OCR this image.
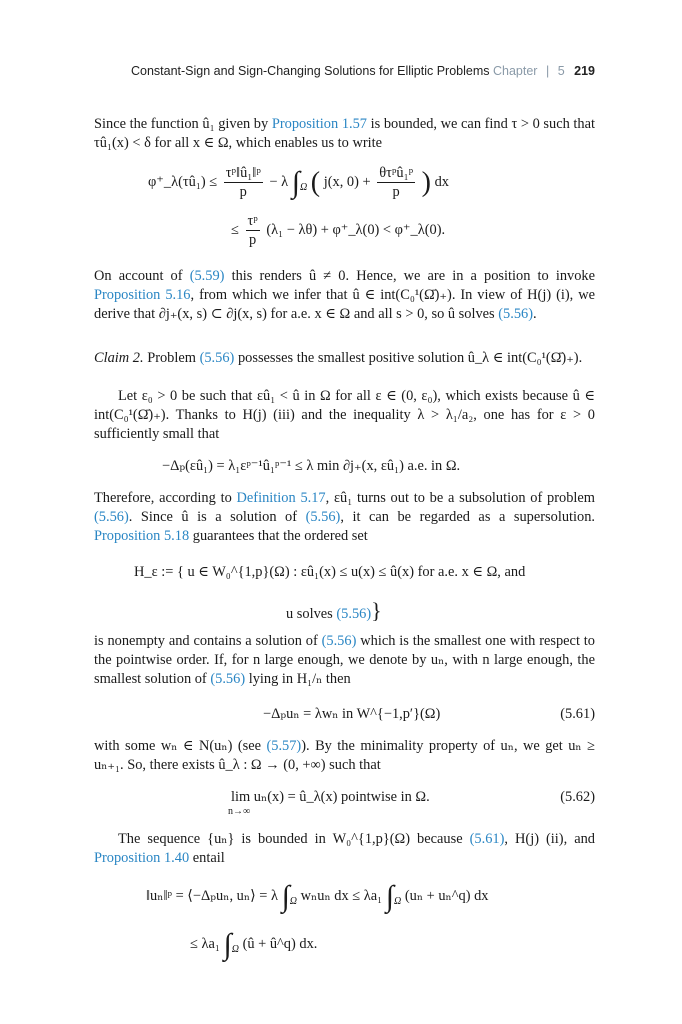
Constant-Sign and Sign-Changing Solutions for Elliptic Problems Chapter | 5 219

Since the function û₁ given by Proposition 1.57 is bounded, we can find τ > 0 such that τû₁(x) < δ for all x ∈ Ω, which enables us to write

φ⁺_λ(τû₁) ≤ $\frac{\text{τᵖ‖û₁‖ᵖ}}{p} - \lambda$ $\int_\Omega$ ( j(x, $0) + \frac{\text{θτᵖû₁ᵖ}}{p}$ ) dx
≤ $\frac{\text{τᵖ}}{p} (\lambda_1 - \lambda\theta)$ + φ⁺_λ(0) < φ⁺_λ(0).

On account of (5.59) this renders û ≠ 0. Hence, we are in a position to invoke Proposition 5.16, from which we infer that û ∈ int(C₀¹(Ω̄)₊). In view of H(j) (i), we derive that ∂j₊(x, s) ⊂ ∂j(x, s) for a.e. x ∈ Ω and all s > 0, so û solves (5.56).

Claim 2. Problem (5.56) possesses the smallest positive solution û_λ ∈ int(C₀¹(Ω̄)₊).

Let ε₀ > 0 be such that εû₁ < û in Ω for all ε ∈ (0, ε₀), which exists because û ∈ int(C₀¹(Ω̄)₊). Thanks to H(j) (iii) and the inequality λ > λ₁/a₂, one has for ε > 0 sufficiently small that

−Δₚ(εû₁) = λ₁εᵖ⁻¹û₁ᵖ⁻¹ ≤ λ min ∂j₊(x, εû₁) a.e. in Ω.

Therefore, according to Definition 5.17, εû₁ turns out to be a subsolution of problem (5.56). Since û is a solution of (5.56), it can be regarded as a supersolution. Proposition 5.18 guarantees that the ordered set

H_ε := { u ∈ W₀^{1,p}(Ω) : εû₁(x) ≤ u(x) ≤ û(x) for a.e. x ∈ Ω, and
u solves (5.56)}

is nonempty and contains a solution of (5.56) which is the smallest one with respect to the pointwise order. If, for n large enough, we denote by uₙ, with n large enough, the smallest solution of (5.56) lying in H₁/ₙ then

−Δₚuₙ = λwₙ in W^{−1,p′}(Ω)	(5.61)

with some wₙ ∈ N(uₙ) (see (5.57)). By the minimality property of uₙ, we get uₙ ≥ uₙ₊₁. So, there exists û_λ : Ω → (0, +∞) such that

lim uₙ(x) = û_λ(x) pointwise in Ω.
n→∞
(5.62)

The sequence {uₙ} is bounded in W₀^{1,p}(Ω) because (5.61), H(j) (ii), and Proposition 1.40 entail

‖uₙ‖ᵖ = ⟨−Δₚuₙ, uₙ⟩ = λ $\int_\Omega$ wₙuₙ dx ≤ λa₁ $\int_\Omega$ (uₙ + uₙ^q) dx
≤ λa₁ $\int_\Omega$ (û + û^q) dx.
